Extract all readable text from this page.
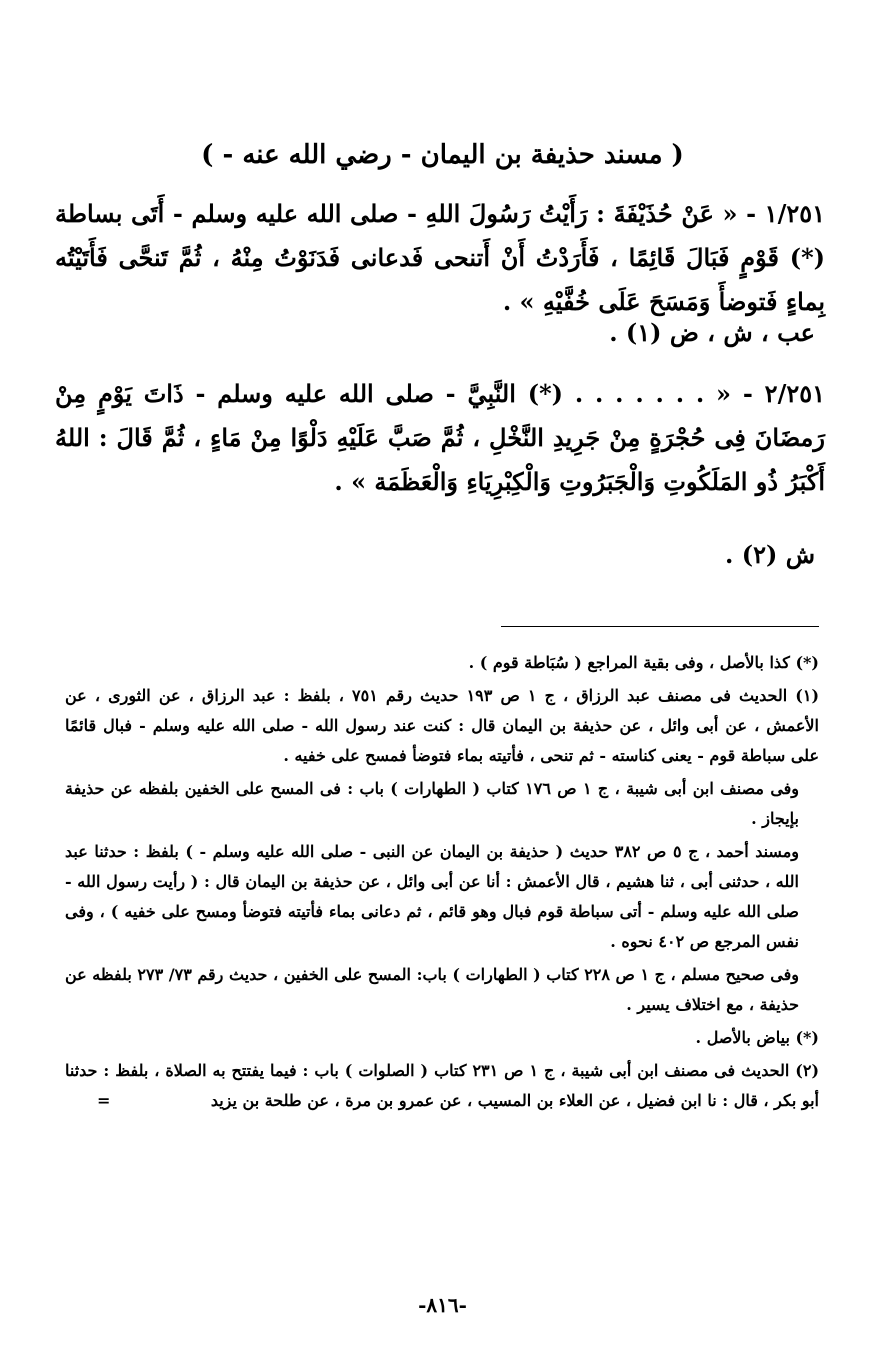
( مسند حذيفة بن اليمان - رضي الله عنه - )
١/٢٥١ - « عَنْ حُذَيْفَةَ : رَأَيْتُ رَسُولَ اللهِ - صلى الله عليه وسلم - أَتَى بساطة (*) قَوْمٍ فَبَالَ قَائِمًا ، فَأَرَدْتُ أَنْ أَتنحى فَدعانى فَدَنَوْتُ مِنْهُ ، ثُمَّ تَنحَّى فَأَتَيْتُه بِماءٍ فَتوضأَ وَمَسَحَ عَلَى خُفَّيْهِ » .
عب ، ش ، ض (١) .
٢/٢٥١ - « . . . . . . . (*) النَّبِيَّ - صلى الله عليه وسلم - ذَاتَ يَوْمٍ مِنْ رَمضَانَ فِى حُجْرَةٍ مِنْ جَرِيدِ النَّخْلِ ، ثُمَّ صَبَّ عَلَيْهِ دَلْوًا مِنْ مَاءٍ ، ثُمَّ قَالَ : اللهُ أَكْبَرُ ذُو المَلَكُوتِ وَالْجَبَرُوتِ وَالْكِبْرِيَاءِ وَالْعَظَمَة » .
ش (٢) .

(*) كذا بالأصل ، وفى بقية المراجع ( سُبَاطة قوم ) .

(١) الحديث فى مصنف عبد الرزاق ، ج ١ ص ١٩٣ حديث رقم ٧٥١ ، بلفظ : عبد الرزاق ، عن الثورى ، عن الأعمش ، عن أبى وائل ، عن حذيفة بن اليمان قال : كنت عند رسول الله - صلى الله عليه وسلم - فبال قائمًا على سباطة قوم - يعنى كناسته - ثم تنحى ، فأتيته بماء فتوضأ فمسح على خفيه .

وفى مصنف ابن أبى شيبة ، ج ١ ص ١٧٦ كتاب ( الطهارات ) باب : فى المسح على الخفين بلفظه عن حذيفة بإيجاز .

ومسند أحمد ، ج ٥ ص ٣٨٢ حديث ( حذيفة بن اليمان عن النبى - صلى الله عليه وسلم - ) بلفظ : حدثنا عبد الله ، حدثنى أبى ، ثنا هشيم ، قال الأعمش : أنا عن أبى وائل ، عن حذيفة بن اليمان قال : ( رأيت رسول الله - صلى الله عليه وسلم - أتى سباطة قوم فبال وهو قائم ، ثم دعانى بماء فأتيته فتوضأ ومسح على خفيه ) ، وفى نفس المرجع ص ٤٠٢ نحوه .

وفى صحيح مسلم ، ج ١ ص ٢٢٨ كتاب ( الطهارات ) باب: المسح على الخفين ، حديث رقم ٧٣/ ٢٧٣ بلفظه عن حذيفة ، مع اختلاف يسير .

(*) بياض بالأصل .

(٢) الحديث فى مصنف ابن أبى شيبة ، ج ١ ص ٢٣١ كتاب ( الصلوات ) باب : فيما يفتتح به الصلاة ، بلفظ : حدثنا أبو بكر ، قال : نا ابن فضيل ، عن العلاء بن المسيب ، عن عمرو بن مرة ، عن طلحة بن يزيد
=

-٨١٦-
